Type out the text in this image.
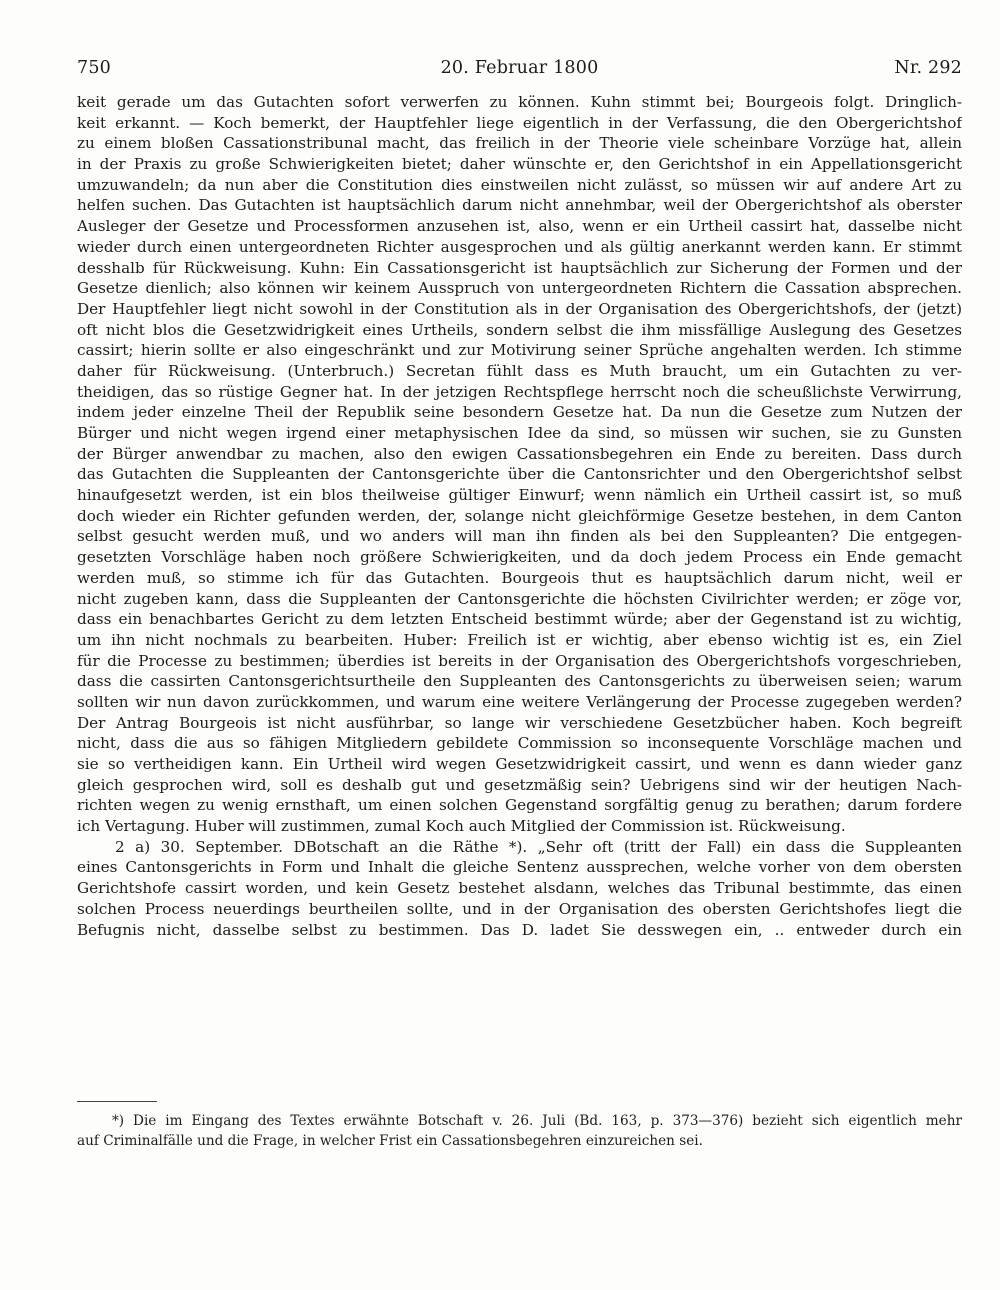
750	20. Februar 1800	Nr. 292
keit gerade um das Gutachten sofort verwerfen zu können. Kuhn stimmt bei; Bourgeois folgt. Dringlich-
keit erkannt. — Koch bemerkt, der Hauptfehler liege eigentlich in der Verfassung, die den Obergerichtshof
zu einem bloßen Cassationstribunal macht, das freilich in der Theorie viele scheinbare Vorzüge hat, allein
in der Praxis zu große Schwierigkeiten bietet; daher wünschte er, den Gerichtshof in ein Appellationsgericht
umzuwandeln; da nun aber die Constitution dies einstweilen nicht zulässt, so müssen wir auf andere Art zu
helfen suchen. Das Gutachten ist hauptsächlich darum nicht annehmbar, weil der Obergerichtshof als oberster
Ausleger der Gesetze und Processformen anzusehen ist, also, wenn er ein Urtheil cassirt hat, dasselbe nicht
wieder durch einen untergeordneten Richter ausgesprochen und als gültig anerkannt werden kann. Er stimmt
desshalb für Rückweisung. Kuhn: Ein Cassationsgericht ist hauptsächlich zur Sicherung der Formen und der
Gesetze dienlich; also können wir keinem Ausspruch von untergeordneten Richtern die Cassation absprechen.
Der Hauptfehler liegt nicht sowohl in der Constitution als in der Organisation des Obergerichtshofs, der (jetzt)
oft nicht blos die Gesetzwidrigkeit eines Urtheils, sondern selbst die ihm missfällige Auslegung des Gesetzes
cassirt; hierin sollte er also eingeschränkt und zur Motivirung seiner Sprüche angehalten werden. Ich stimme
daher für Rückweisung. (Unterbruch.) Secretan fühlt dass es Muth braucht, um ein Gutachten zu ver-
theidigen, das so rüstige Gegner hat. In der jetzigen Rechtspflege herrscht noch die scheußlichste Verwirrung,
indem jeder einzelne Theil der Republik seine besondern Gesetze hat. Da nun die Gesetze zum Nutzen der
Bürger und nicht wegen irgend einer metaphysischen Idee da sind, so müssen wir suchen, sie zu Gunsten
der Bürger anwendbar zu machen, also den ewigen Cassationsbegehren ein Ende zu bereiten. Dass durch
das Gutachten die Suppleanten der Cantonsgerichte über die Cantonsrichter und den Obergerichtshof selbst
hinaufgesetzt werden, ist ein blos theilweise gültiger Einwurf; wenn nämlich ein Urtheil cassirt ist, so muß
doch wieder ein Richter gefunden werden, der, solange nicht gleichförmige Gesetze bestehen, in dem Canton
selbst gesucht werden muß, und wo anders will man ihn finden als bei den Suppleanten? Die entgegen-
gesetzten Vorschläge haben noch größere Schwierigkeiten, und da doch jedem Process ein Ende gemacht
werden muß, so stimme ich für das Gutachten. Bourgeois thut es hauptsächlich darum nicht, weil er
nicht zugeben kann, dass die Suppleanten der Cantonsgerichte die höchsten Civilrichter werden; er zöge vor,
dass ein benachbartes Gericht zu dem letzten Entscheid bestimmt würde; aber der Gegenstand ist zu wichtig,
um ihn nicht nochmals zu bearbeiten. Huber: Freilich ist er wichtig, aber ebenso wichtig ist es, ein Ziel
für die Processe zu bestimmen; überdies ist bereits in der Organisation des Obergerichtshofs vorgeschrieben,
dass die cassirten Cantonsgerichtsurtheile den Suppleanten des Cantonsgerichts zu überweisen seien; warum
sollten wir nun davon zurückkommen, und warum eine weitere Verlängerung der Processe zugegeben werden?
Der Antrag Bourgeois ist nicht ausführbar, so lange wir verschiedene Gesetzbücher haben. Koch begreift
nicht, dass die aus so fähigen Mitgliedern gebildete Commission so inconsequente Vorschläge machen und
sie so vertheidigen kann. Ein Urtheil wird wegen Gesetzwidrigkeit cassirt, und wenn es dann wieder ganz
gleich gesprochen wird, soll es deshalb gut und gesetzmäßig sein? Uebrigens sind wir der heutigen Nach-
richten wegen zu wenig ernsthaft, um einen solchen Gegenstand sorgfältig genug zu berathen; darum fordere
ich Vertagung. Huber will zustimmen, zumal Koch auch Mitglied der Commission ist. Rückweisung.
2 a) 30. September. DBotschaft an die Räthe *). „Sehr oft (tritt der Fall) ein dass die Suppleanten
eines Cantonsgerichts in Form und Inhalt die gleiche Sentenz aussprechen, welche vorher von dem obersten
Gerichtshofe cassirt worden, und kein Gesetz bestehet alsdann, welches das Tribunal bestimmte, das einen
solchen Process neuerdings beurtheilen sollte, und in der Organisation des obersten Gerichtshofes liegt die
Befugnis nicht, dasselbe selbst zu bestimmen. Das D. ladet Sie desswegen ein, .. entweder durch ein
*) Die im Eingang des Textes erwähnte Botschaft v. 26. Juli (Bd. 163, p. 373—376) bezieht sich eigentlich mehr
auf Criminalfälle und die Frage, in welcher Frist ein Cassationsbegehren einzureichen sei.
